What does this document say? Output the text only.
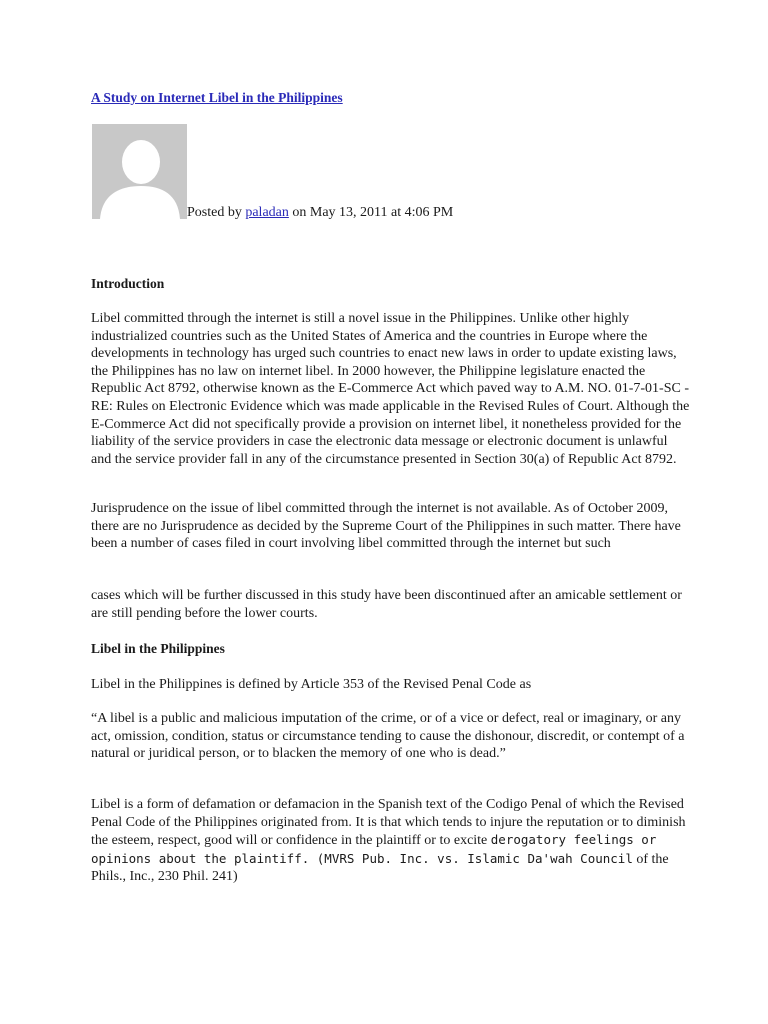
A Study on Internet Libel in the Philippines
Posted by paladan on May 13, 2011 at 4:06 PM
Introduction
Libel committed through the internet is still a novel issue in the Philippines. Unlike other highly industrialized countries such as the United States of America and the countries in Europe where the developments in technology has urged such countries to enact new laws in order to update existing laws, the Philippines has no law on internet libel. In 2000 however, the Philippine legislature enacted the Republic Act 8792, otherwise known as the E-Commerce Act which paved way to A.M. NO. 01-7-01-SC - RE: Rules on Electronic Evidence which was made applicable in the Revised Rules of Court. Although the E-Commerce Act did not specifically provide a provision on internet libel, it nonetheless provided for the liability of the service providers in case the electronic data message or electronic document is unlawful and the service provider fall in any of the circumstance presented in Section 30(a) of Republic Act 8792.
Jurisprudence on the issue of libel committed through the internet is not available. As of October 2009, there are no Jurisprudence as decided by the Supreme Court of the Philippines in such matter. There have been a number of cases filed in court involving libel committed through the internet but such
cases which will be further discussed in this study have been discontinued after an amicable settlement or are still pending before the lower courts.
Libel in the Philippines
Libel in the Philippines is defined by Article 353 of the Revised Penal Code as
“A libel is a public and malicious imputation of the crime, or of a vice or defect, real or imaginary, or any act, omission, condition, status or circumstance tending to cause the dishonour, discredit, or contempt of a natural or juridical person, or to blacken the memory of one who is dead.”
Libel is a form of defamation or defamacion in the Spanish text of the Codigo Penal of which the Revised Penal Code of the Philippines originated from. It is that which tends to injure the reputation or to diminish the esteem, respect, good will or confidence in the plaintiff or to excite derogatory feelings or opinions about the plaintiff. (MVRS Pub. Inc. vs. Islamic Da'wah Council of the Phils., Inc., 230 Phil. 241)
